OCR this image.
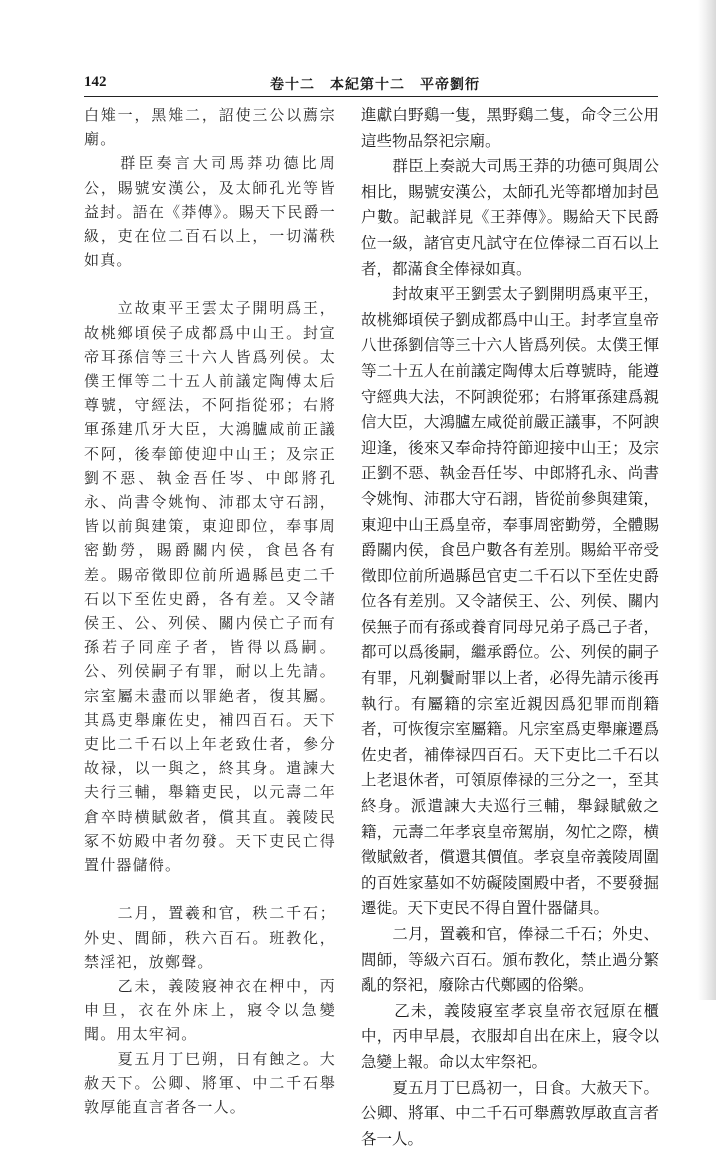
142	卷十二　本紀第十二　平帝劉衎

白雉一，黑雉二，詔使三公以薦宗廟。

　　群臣奏言大司馬莽功德比周公，賜號安漢公，及太師孔光等皆益封。語在《莽傳》。賜天下民爵一級，吏在位二百石以上，一切滿秩如真。

　　立故東平王雲太子開明爲王，故桃鄉頃侯子成都爲中山王。封宣帝耳孫信等三十六人皆爲列侯。太僕王惲等二十五人前議定陶傅太后尊號，守經法，不阿指從邪；右將軍孫建爪牙大臣，大鴻臚咸前正議不阿，後奉節使迎中山王；及宗正劉不惡、執金吾任岑、中郎將孔永、尚書令姚恂、沛郡太守石詡，皆以前與建策，東迎即位，奉事周密勤勞，賜爵關内侯，食邑各有差。賜帝徵即位前所過縣邑吏二千石以下至佐史爵，各有差。又令諸侯王、公、列侯、關内侯亡子而有孫若子同産子者，皆得以爲嗣。公、列侯嗣子有罪，耐以上先請。宗室屬未盡而以罪絶者，復其屬。其爲吏舉廉佐史，補四百石。天下吏比二千石以上年老致仕者，參分故禄，以一與之，終其身。遣諫大夫行三輔，舉籍吏民，以元壽二年倉卒時横賦斂者，償其直。義陵民冢不妨殿中者勿發。天下吏民亡得置什器儲偫。

　　二月，置羲和官，秩二千石；外史、閭師，秩六百石。班教化，禁淫祀，放鄭聲。

　　乙未，義陵寢神衣在柙中，丙申旦，衣在外床上，寢令以急變聞。用太牢祠。

　　夏五月丁巳朔，日有蝕之。大赦天下。公卿、將軍、中二千石舉敦厚能直言者各一人。

進獻白野鷄一隻，黑野鷄二隻，命令三公用這些物品祭祀宗廟。

　　群臣上奏説大司馬王莽的功德可與周公相比，賜號安漢公，太師孔光等都增加封邑户數。記載詳見《王莽傳》。賜給天下民爵位一級，諸官吏凡試守在位俸禄二百石以上者，都滿食全俸禄如真。

　　封故東平王劉雲太子劉開明爲東平王，故桃鄉頃侯子劉成都爲中山王。封孝宣皇帝八世孫劉信等三十六人皆爲列侯。太僕王惲等二十五人在前議定陶傅太后尊號時，能遵守經典大法，不阿諛從邪；右將軍孫建爲親信大臣，大鴻臚左咸從前嚴正議事，不阿諛迎逢，後來又奉命持符節迎接中山王；及宗正劉不惡、執金吾任岑、中郎將孔永、尚書令姚恂、沛郡大守石詡，皆從前參與建策，東迎中山王爲皇帝，奉事周密勤勞，全體賜爵關内侯，食邑户數各有差別。賜給平帝受徵即位前所過縣邑官吏二千石以下至佐史爵位各有差別。又令諸侯王、公、列侯、關内侯無子而有孫或養育同母兄弟子爲己子者，都可以爲後嗣，繼承爵位。公、列侯的嗣子有罪，凡剃鬢耐罪以上者，必得先請示後再執行。有屬籍的宗室近親因爲犯罪而削籍者，可恢復宗室屬籍。凡宗室爲吏舉廉遷爲佐史者，補俸禄四百石。天下吏比二千石以上老退休者，可領原俸禄的三分之一，至其終身。派遣諫大夫巡行三輔，舉録賦斂之籍，元壽二年孝哀皇帝駕崩，匆忙之際，横徵賦斂者，償還其價值。孝哀皇帝義陵周圍的百姓家墓如不妨礙陵園殿中者，不要發掘遷徙。天下吏民不得自置什器儲具。

　　二月，置羲和官，俸禄二千石；外史、閭師，等級六百石。頒布教化，禁止過分繁亂的祭祀，廢除古代鄭國的俗樂。

　　乙未，義陵寢室孝哀皇帝衣冠原在櫃中，丙申早晨，衣服却自出在床上，寢令以急變上報。命以太牢祭祀。

　　夏五月丁巳爲初一，日食。大赦天下。公卿、將軍、中二千石可舉薦敦厚敢直言者各一人。
